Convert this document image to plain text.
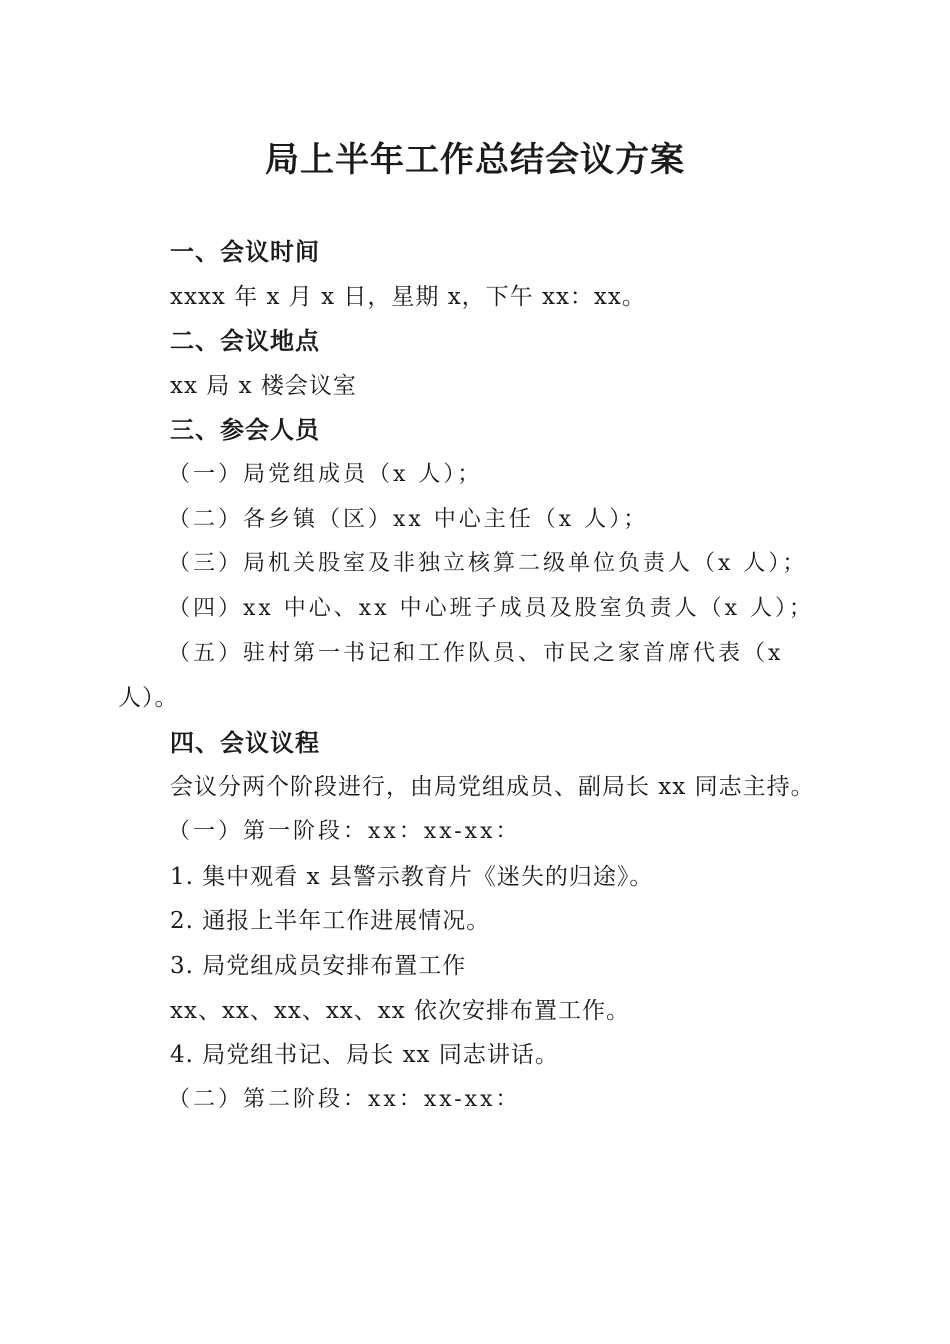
局上半年工作总结会议方案
一、会议时间
xxxx 年 x 月 x 日，星期 x，下午 xx：xx。
二、会议地点
xx 局 x 楼会议室
三、参会人员
（一）局党组成员（x 人）；
（二）各乡镇（区）xx 中心主任（x 人）；
（三）局机关股室及非独立核算二级单位负责人（x 人）；
（四）xx 中心、xx 中心班子成员及股室负责人（x 人）；
（五）驻村第一书记和工作队员、市民之家首席代表（x
人）。
四、会议议程
会议分两个阶段进行，由局党组成员、副局长 xx 同志主持。
（一）第一阶段：xx：xx-xx：
1. 集中观看 x 县警示教育片《迷失的归途》。
2. 通报上半年工作进展情况。
3. 局党组成员安排布置工作
xx、xx、xx、xx、xx 依次安排布置工作。
4. 局党组书记、局长 xx 同志讲话。
（二）第二阶段：xx：xx-xx：
